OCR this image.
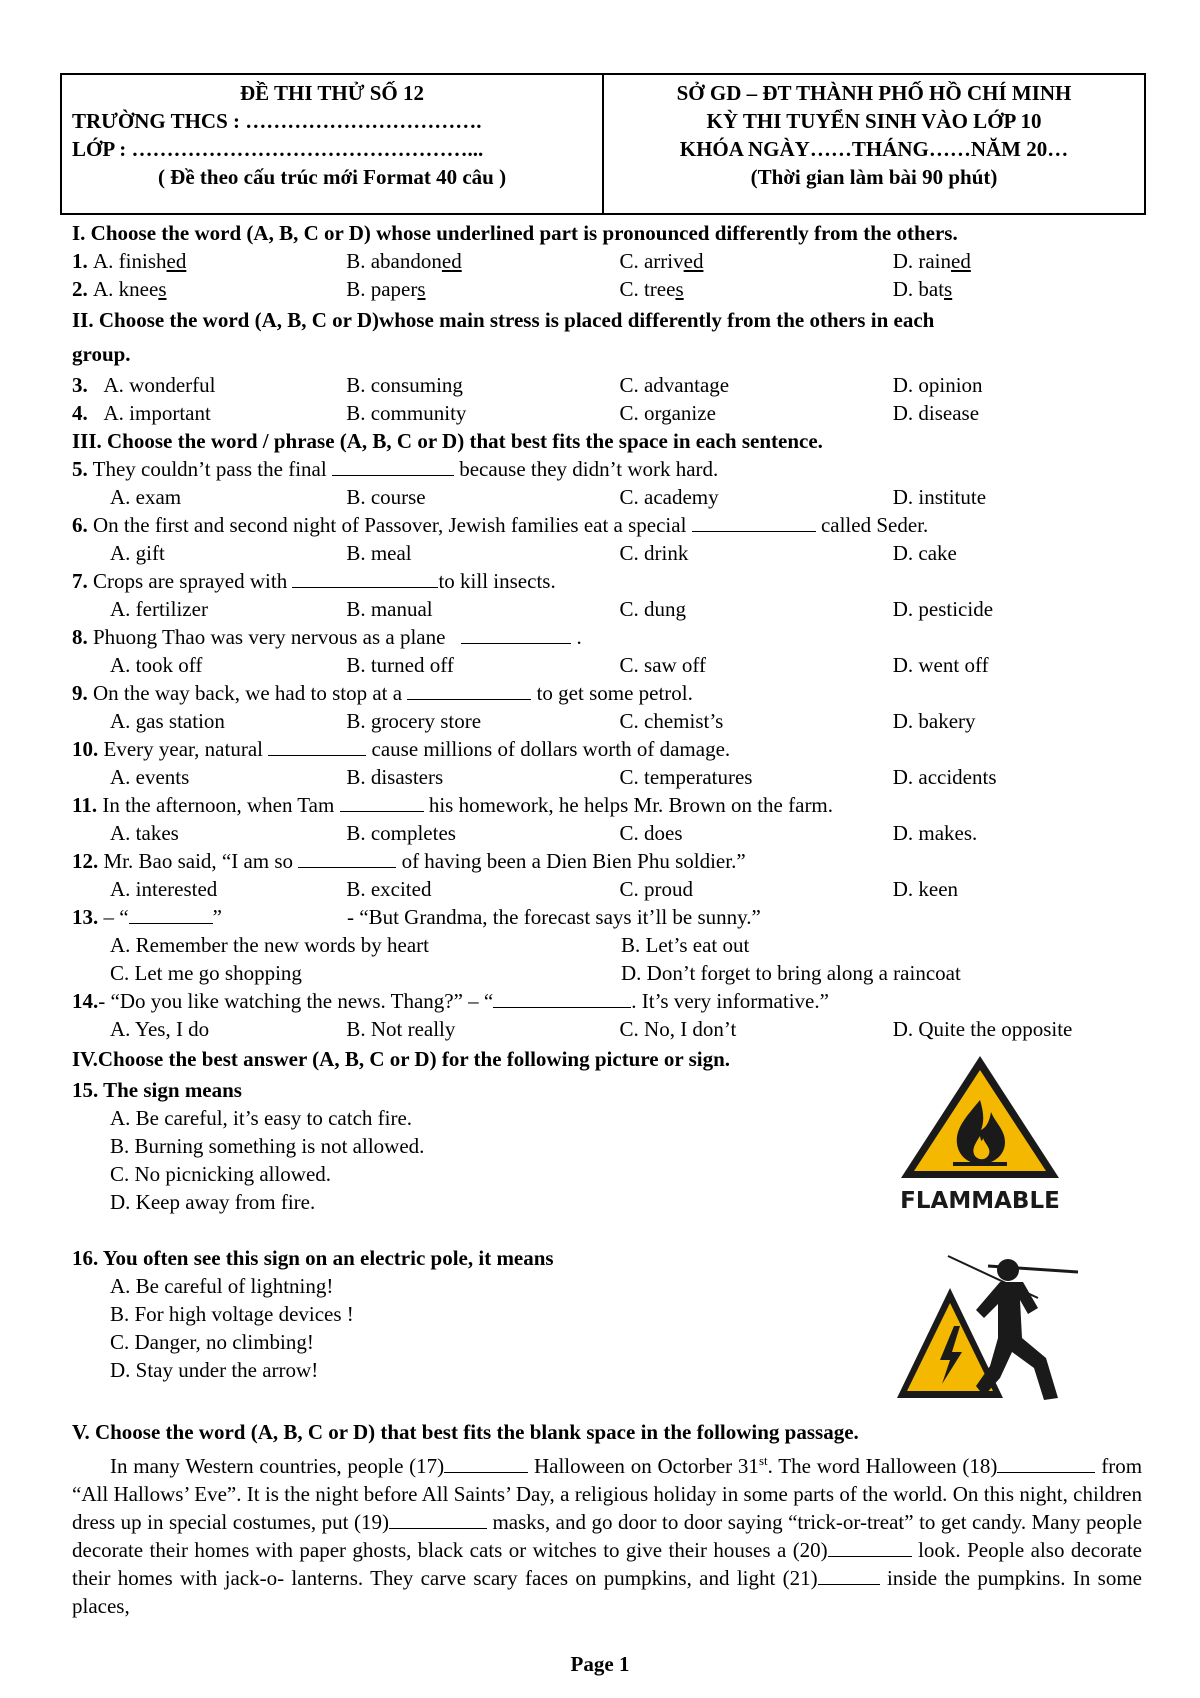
ĐỀ THI THỬ SỐ 12
TRƯỜNG THCS : …………………………….
LỚP : …………………………………………...
( Đề theo cấu trúc mới Format 40 câu )
SỞ GD – ĐT THÀNH PHỐ HỒ CHÍ MINH
KỲ THI TUYỂN SINH VÀO LỚP 10
KHÓA NGÀY……THÁNG……NĂM 20…
(Thời gian làm bài 90 phút)
I. Choose the word (A, B, C or D) whose underlined part is pronounced differently from the others.
1. A. finished	B. abandoned	C. arrived	D. rained
2. A. knees	B. papers	C. trees	D. bats
II. Choose the word (A, B, C or D)whose main stress is placed differently from the others in each
group.
3. A. wonderful	B. consuming	C. advantage	D. opinion
4. A. important	B. community	C. organize	D. disease
III. Choose the word / phrase (A, B, C or D) that best fits the space in each sentence.
5. They couldn’t pass the final	because they didn’t work hard.
A. exam	B. course	C. academy	D. institute
6. On the first and second night of Passover, Jewish families eat a special	called Seder.
A. gift	B. meal	C. drink	D. cake
7. Crops are sprayed with	to kill insects.
A. fertilizer	B. manual	C. dung	D. pesticide
8. Phuong Thao was very nervous as a plane	.
A. took off	B. turned off	C. saw off	D. went off
9. On the way back, we had to stop at a	to get some petrol.
A. gas station	B. grocery store	C. chemist’s	D. bakery
10. Every year, natural	cause millions of dollars worth of damage.
A. events	B. disasters	C. temperatures	D. accidents
11. In the afternoon, when Tam	his homework, he helps Mr. Brown on the farm.
A. takes	B. completes	C. does	D. makes.
12. Mr. Bao said, “I am so	of having been a Dien Bien Phu soldier.”
A. interested	B. excited	C. proud	D. keen
13. – “	”	- “But Grandma, the forecast says it’ll be sunny.”
A. Remember the new words by heart	B. Let’s eat out
C. Let me go shopping	D. Don’t forget to bring along a raincoat
14.- “Do you like watching the news. Thang?” – “	. It’s very informative.”
A. Yes, I do	B. Not really	C. No, I don’t	D. Quite the opposite
IV.Choose the best answer (A, B, C or D) for the following picture or sign.
15. The sign means
A. Be careful, it’s easy to catch fire.
B. Burning something is not allowed.
C. No picnicking allowed.
D. Keep away from fire.
16. You often see this sign on an electric pole, it means
A. Be careful of lightning!
B. For high voltage devices !
C. Danger, no climbing!
D. Stay under the arrow!
V. Choose the word (A, B, C or D) that best fits the blank space in the following passage.
FLAMMABLE

In many Western countries, people (17)	Halloween on Octorber 31st. The word Halloween (18)	from “All Hallows’ Eve”. It is the night before All Saints’ Day, a religious holiday in some parts of the world. On this night, children dress up in special costumes, put (19)	masks, and go door to door saying “trick-or-treat” to get candy. Many people decorate their homes with paper ghosts, black cats or witches to give their houses a (20)	look. People also decorate their homes with jack-o- lanterns. They carve scary faces on pumpkins, and light (21)	inside the pumpkins. In some places,

Page 1
